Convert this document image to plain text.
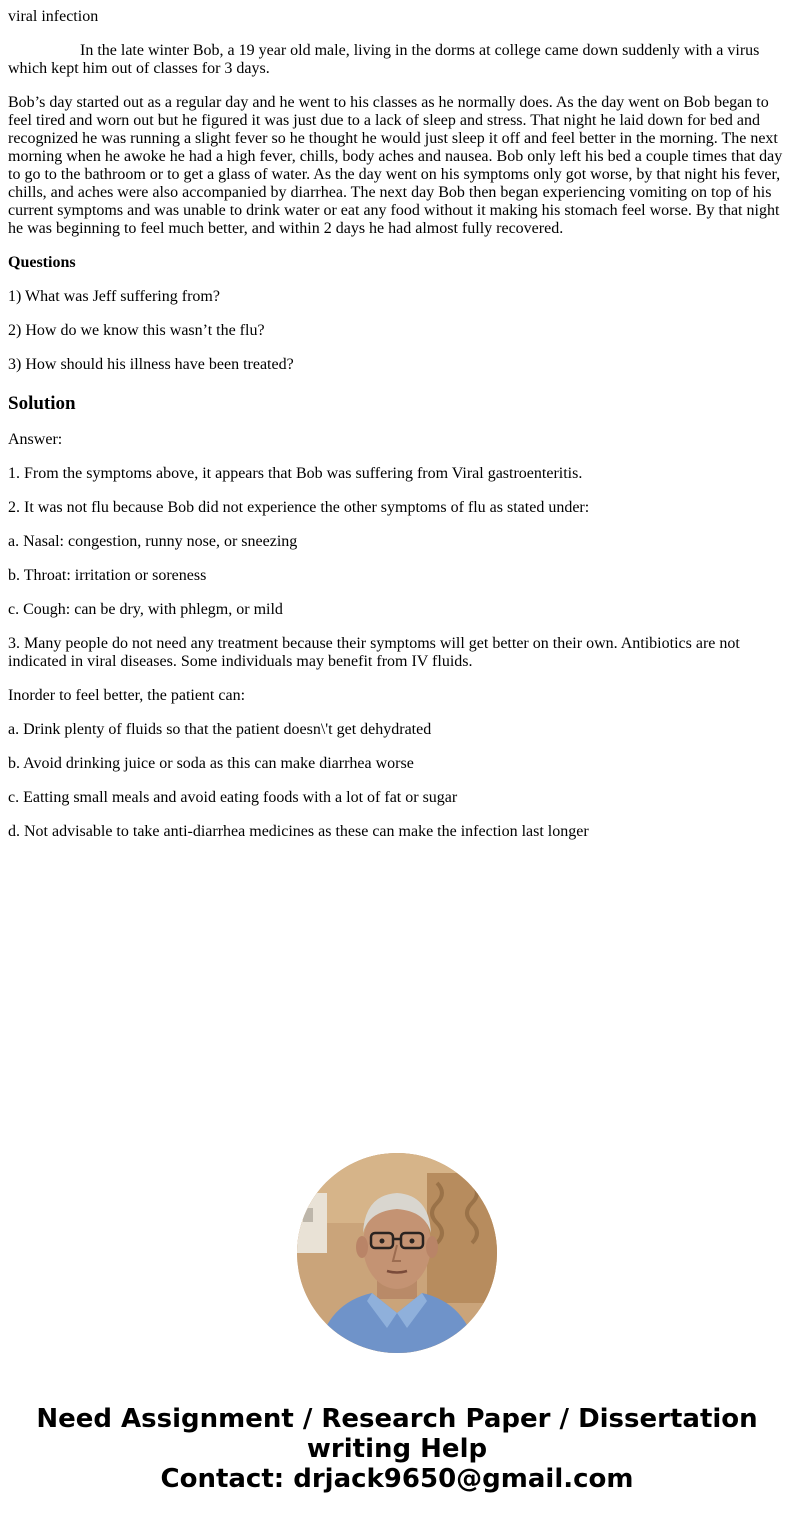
viral infection

In the late winter Bob, a 19 year old male, living in the dorms at college came down suddenly with a virus which kept him out of classes for 3 days.

Bob’s day started out as a regular day and he went to his classes as he normally does. As the day went on Bob began to feel tired and worn out but he figured it was just due to a lack of sleep and stress. That night he laid down for bed and recognized he was running a slight fever so he thought he would just sleep it off and feel better in the morning. The next morning when he awoke he had a high fever, chills, body aches and nausea. Bob only left his bed a couple times that day to go to the bathroom or to get a glass of water. As the day went on his symptoms only got worse, by that night his fever, chills, and aches were also accompanied by diarrhea. The next day Bob then began experiencing vomiting on top of his current symptoms and was unable to drink water or eat any food without it making his stomach feel worse. By that night he was beginning to feel much better, and within 2 days he had almost fully recovered.

Questions

1) What was Jeff suffering from?

2) How do we know this wasn’t the flu?

3) How should his illness have been treated?

Solution

Answer:

1. From the symptoms above, it appears that Bob was suffering from Viral gastroenteritis.

2. It was not flu because Bob did not experience the other symptoms of flu as stated under:

a. Nasal: congestion, runny nose, or sneezing

b. Throat: irritation or soreness

c. Cough: can be dry, with phlegm, or mild

3. Many people do not need any treatment because their symptoms will get better on their own. Antibiotics are not indicated in viral diseases. Some individuals may benefit from IV fluids.

Inorder to feel better, the patient can:

a. Drink plenty of fluids so that the patient doesn\'t get dehydrated

b. Avoid drinking juice or soda as this can make diarrhea worse

c. Eatting small meals and avoid eating foods with a lot of fat or sugar

d. Not advisable to take anti-diarrhea medicines as these can make the infection last longer

Need Assignment / Research Paper / Dissertation
writing Help
Contact: drjack9650@gmail.com
